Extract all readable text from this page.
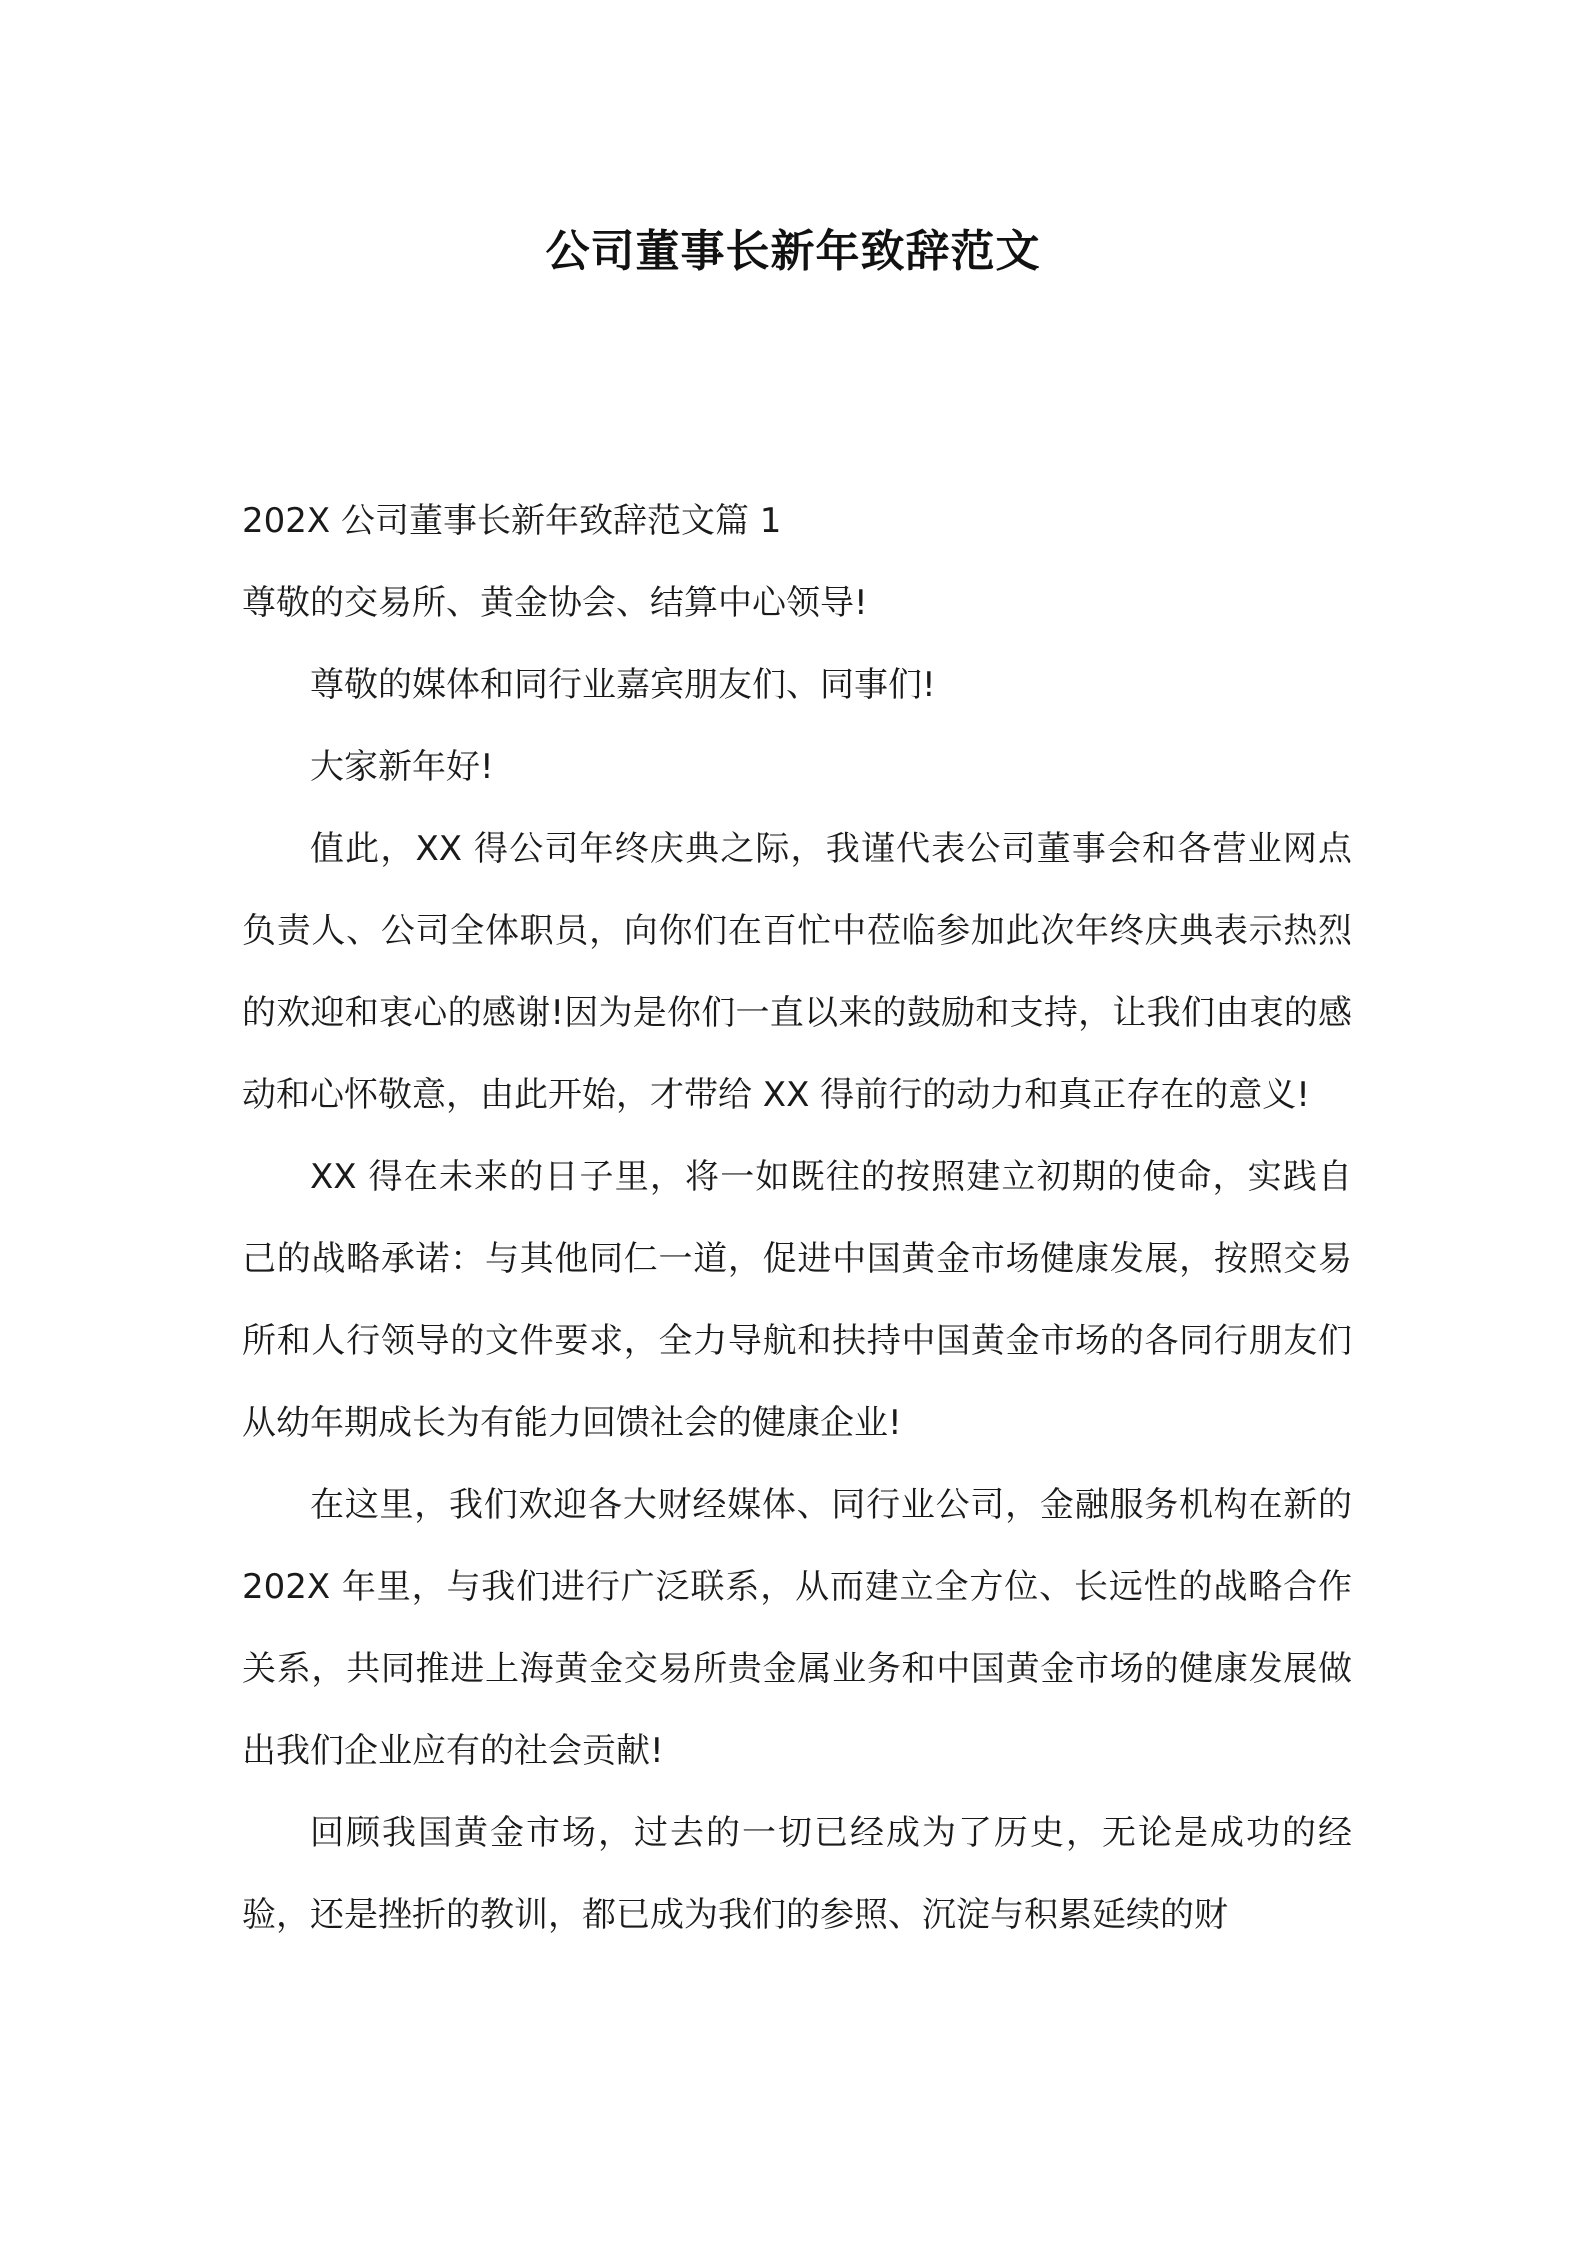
公司董事长新年致辞范文

202X 公司董事长新年致辞范文篇 1

尊敬的交易所、黄金协会、结算中心领导!

尊敬的媒体和同行业嘉宾朋友们、同事们!

大家新年好!

值此，XX 得公司年终庆典之际，我谨代表公司董事会和各营业网点负责人、公司全体职员，向你们在百忙中莅临参加此次年终庆典表示热烈的欢迎和衷心的感谢!因为是你们一直以来的鼓励和支持，让我们由衷的感动和心怀敬意，由此开始，才带给 XX 得前行的动力和真正存在的意义!

XX 得在未来的日子里，将一如既往的按照建立初期的使命，实践自己的战略承诺：与其他同仁一道，促进中国黄金市场健康发展，按照交易所和人行领导的文件要求，全力导航和扶持中国黄金市场的各同行朋友们从幼年期成长为有能力回馈社会的健康企业!

在这里，我们欢迎各大财经媒体、同行业公司，金融服务机构在新的 202X 年里，与我们进行广泛联系，从而建立全方位、长远性的战略合作关系，共同推进上海黄金交易所贵金属业务和中国黄金市场的健康发展做出我们企业应有的社会贡献!

回顾我国黄金市场，过去的一切已经成为了历史，无论是成功的经验，还是挫折的教训，都已成为我们的参照、沉淀与积累延续的财
